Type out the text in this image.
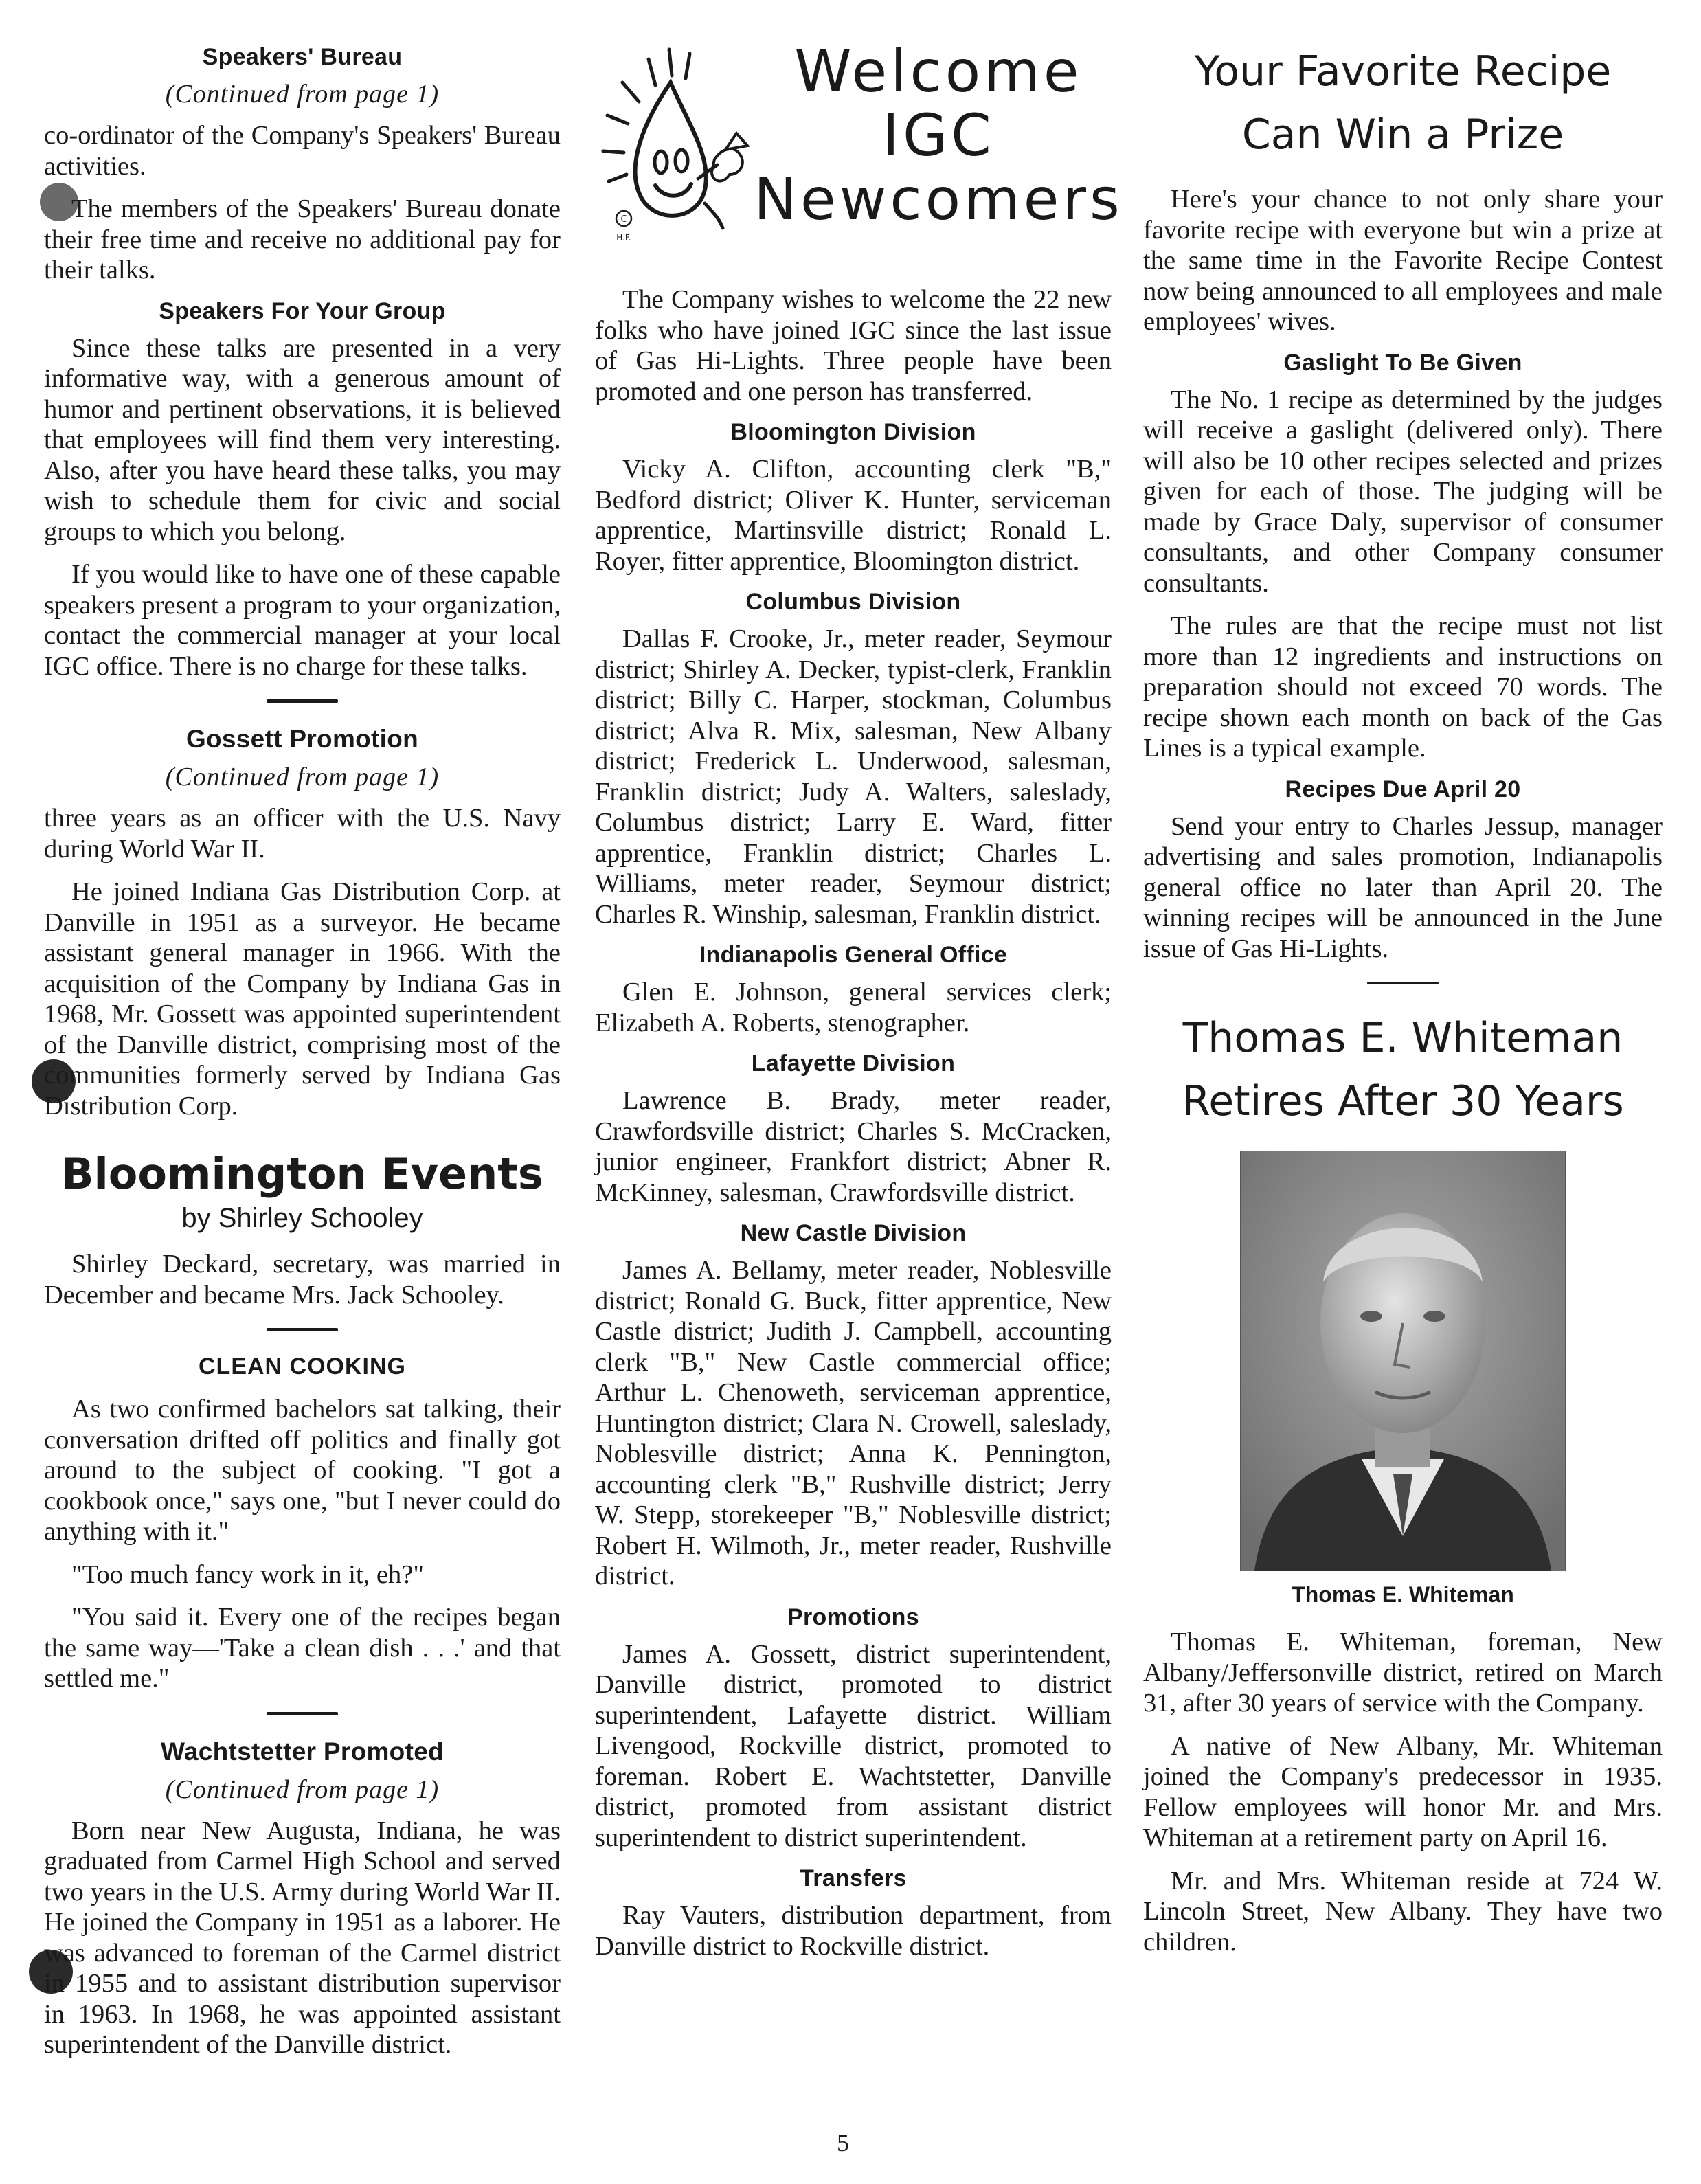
Speakers' Bureau
(Continued from page 1)

co-ordinator of the Company's Speakers' Bureau activities.

The members of the Speakers' Bureau donate their free time and receive no additional pay for their talks.

Speakers For Your Group

Since these talks are presented in a very informative way, with a generous amount of humor and pertinent observations, it is believed that employees will find them very interesting. Also, after you have heard these talks, you may wish to schedule them for civic and social groups to which you belong.

If you would like to have one of these capable speakers present a program to your organization, contact the commercial manager at your local IGC office. There is no charge for these talks.

Gossett Promotion
(Continued from page 1)

three years as an officer with the U.S. Navy during World War II.

He joined Indiana Gas Distribution Corp. at Danville in 1951 as a surveyor. He became assistant general manager in 1966. With the acquisition of the Company by Indiana Gas in 1968, Mr. Gossett was appointed superintendent of the Danville district, comprising most of the communities formerly served by Indiana Gas Distribution Corp.

Bloomington Events
by Shirley Schooley

Shirley Deckard, secretary, was married in December and became Mrs. Jack Schooley.

CLEAN COOKING

As two confirmed bachelors sat talking, their conversation drifted off politics and finally got around to the subject of cooking. "I got a cookbook once," says one, "but I never could do anything with it."

"Too much fancy work in it, eh?"

"You said it. Every one of the recipes began the same way—'Take a clean dish . . .' and that settled me."

Wachtstetter Promoted
(Continued from page 1)

Born near New Augusta, Indiana, he was graduated from Carmel High School and served two years in the U.S. Army during World War II. He joined the Company in 1951 as a laborer. He was advanced to foreman of the Carmel district in 1955 and to assistant distribution supervisor in 1963. In 1968, he was appointed assistant superintendent of the Danville district.

C
H.F.
Welcome
IGC
Newcomers

The Company wishes to welcome the 22 new folks who have joined IGC since the last issue of Gas Hi-Lights. Three people have been promoted and one person has transferred.

Bloomington Division

Vicky A. Clifton, accounting clerk "B," Bedford district; Oliver K. Hunter, serviceman apprentice, Martinsville district; Ronald L. Royer, fitter apprentice, Bloomington district.

Columbus Division

Dallas F. Crooke, Jr., meter reader, Seymour district; Shirley A. Decker, typist-clerk, Franklin district; Billy C. Harper, stockman, Columbus district; Alva R. Mix, salesman, New Albany district; Frederick L. Underwood, salesman, Franklin district; Judy A. Walters, saleslady, Columbus district; Larry E. Ward, fitter apprentice, Franklin district; Charles L. Williams, meter reader, Seymour district; Charles R. Winship, salesman, Franklin district.

Indianapolis General Office

Glen E. Johnson, general services clerk; Elizabeth A. Roberts, stenographer.

Lafayette Division

Lawrence B. Brady, meter reader, Crawfordsville district; Charles S. McCracken, junior engineer, Frankfort district; Abner R. McKinney, salesman, Crawfordsville district.

New Castle Division

James A. Bellamy, meter reader, Noblesville district; Ronald G. Buck, fitter apprentice, New Castle district; Judith J. Campbell, accounting clerk "B," New Castle commercial office; Arthur L. Chenoweth, serviceman apprentice, Huntington district; Clara N. Crowell, saleslady, Noblesville district; Anna K. Pennington, accounting clerk "B," Rushville district; Jerry W. Stepp, storekeeper "B," Noblesville district; Robert H. Wilmoth, Jr., meter reader, Rushville district.

Promotions

James A. Gossett, district superintendent, Danville district, promoted to district superintendent, Lafayette district. William Livengood, Rockville district, promoted to foreman. Robert E. Wachtstetter, Danville district, promoted from assistant district superintendent to district superintendent.

Transfers

Ray Vauters, distribution department, from Danville district to Rockville district.

Your Favorite Recipe
Can Win a Prize

Here's your chance to not only share your favorite recipe with everyone but win a prize at the same time in the Favorite Recipe Contest now being announced to all employees and male employees' wives.

Gaslight To Be Given

The No. 1 recipe as determined by the judges will receive a gaslight (delivered only). There will also be 10 other recipes selected and prizes given for each of those. The judging will be made by Grace Daly, supervisor of consumer consultants, and other Company consumer consultants.

The rules are that the recipe must not list more than 12 ingredients and instructions on preparation should not exceed 70 words. The recipe shown each month on back of the Gas Lines is a typical example.

Recipes Due April 20

Send your entry to Charles Jessup, manager advertising and sales promotion, Indianapolis general office no later than April 20. The winning recipes will be announced in the June issue of Gas Hi-Lights.

Thomas E. Whiteman
Retires After 30 Years
Thomas E. Whiteman

Thomas E. Whiteman, foreman, New Albany/Jeffersonville district, retired on March 31, after 30 years of service with the Company.

A native of New Albany, Mr. Whiteman joined the Company's predecessor in 1935. Fellow employees will honor Mr. and Mrs. Whiteman at a retirement party on April 16.

Mr. and Mrs. Whiteman reside at 724 W. Lincoln Street, New Albany. They have two children.

5
